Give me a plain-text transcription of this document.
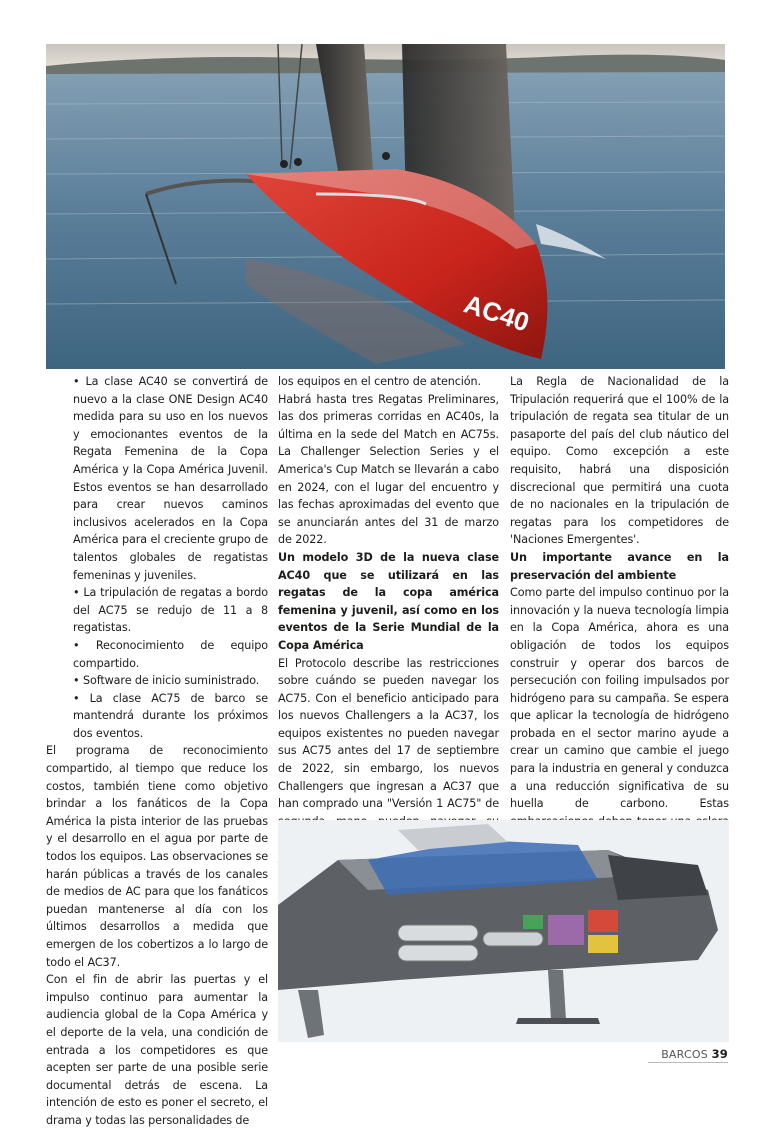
AC40

• La clase AC40 se convertirá de nuevo a la clase ONE Design AC40 medida para su uso en los nuevos y emocionantes eventos de la Regata Femenina de la Copa América y la Copa América Juvenil. Estos eventos se han desarrollado para crear nuevos caminos inclusivos acelerados en la Copa América para el creciente grupo de talentos globales de regatistas femeninas y juveniles.

• La tripulación de regatas a bordo del AC75 se redujo de 11 a 8 regatistas.

• Reconocimiento de equipo compartido.

• Software de inicio suministrado.

• La clase AC75 de barco se mantendrá durante los próximos dos eventos.

El programa de reconocimiento compartido, al tiempo que reduce los costos, también tiene como objetivo brindar a los fanáticos de la Copa América la pista interior de las pruebas y el desarrollo en el agua por parte de todos los equipos. Las observaciones se harán públicas a través de los canales de medios de AC para que los fanáticos puedan mantenerse al día con los últimos desarrollos a medida que emergen de los cobertizos a lo largo de todo el AC37.

Con el fin de abrir las puertas y el impulso continuo para aumentar la audiencia global de la Copa América y el deporte de la vela, una condición de entrada a los competidores es que acepten ser parte de una posible serie documental detrás de escena. La intención de esto es poner el secreto, el drama y todas las personalidades de

los equipos en el centro de atención.

Habrá hasta tres Regatas Preliminares, las dos primeras corridas en AC40s, la última en la sede del Match en AC75s. La Challenger Selection Series y el America's Cup Match se llevarán a cabo en 2024, con el lugar del encuentro y las fechas aproximadas del evento que se anunciarán antes del 31 de marzo de 2022.

Un modelo 3D de la nueva clase AC40 que se utilizará en las regatas de la copa américa femenina y juvenil, así como en los eventos de la Serie Mundial de la Copa América

El Protocolo describe las restricciones sobre cuándo se pueden navegar los AC75. Con el beneficio anticipado para los nuevos Challengers a la AC37, los equipos existentes no pueden navegar sus AC75 antes del 17 de septiembre de 2022, sin embargo, los nuevos Challengers que ingresan a AC37 que han comprado una "Versión 1 AC75" de

La Regla de Nacionalidad de la Tripulación requerirá que el 100% de la tripulación de regata sea titular de un pasaporte del país del club náutico del equipo. Como excepción a este requisito, habrá una disposición discrecional que permitirá una cuota de no nacionales en la tripulación de regatas para los competidores de 'Naciones Emergentes'.

Un importante avance en la preservación del ambiente

Como parte del impulso continuo por la innovación y la nueva tecnología limpia en la Copa América, ahora es una obligación de todos los equipos construir y operar dos barcos de persecución con foiling impulsados por hidrógeno para su campaña. Se espera que aplicar la tecnología de hidrógeno probada en el sector marino ayude a crear un camino que cambie el juego para la industria en general y conduzca a una reducción significativa de su huella de carbono. Estas

BARCOS 39
